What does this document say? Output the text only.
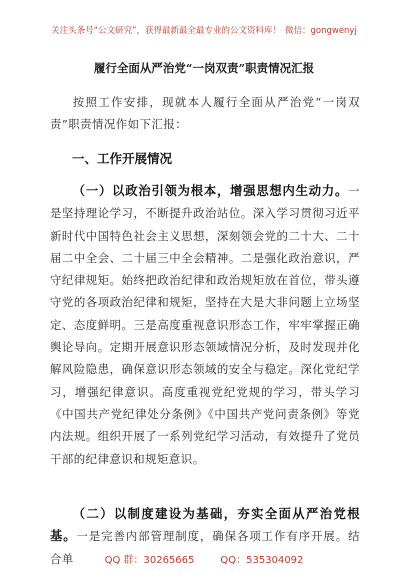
关注头条号“公文研究”，获得最新最全最专业的公文资料库！ 微信：gongwenyj
履行全面从严治党“一岗双责”职责情况汇报
按照工作安排，现就本人履行全面从严治党“一岗双责”职责情况作如下汇报：
一、工作开展情况
（一）以政治引领为根本，增强思想内生动力。一是坚持理论学习，不断提升政治站位。深入学习贯彻习近平新时代中国特色社会主义思想，深刻领会党的二十大、二十届二中全会、二十届三中全会精神。二是强化政治意识，严守纪律规矩。始终把政治纪律和政治规矩放在首位，带头遵守党的各项政治纪律和规矩，坚持在大是大非问题上立场坚定、态度鲜明。三是高度重视意识形态工作，牢牢掌握正确舆论导向。定期开展意识形态领域情况分析，及时发现并化解风险隐患，确保意识形态领域的安全与稳定。深化党纪学习，增强纪律意识。高度重视党纪党规的学习，带头学习《中国共产党纪律处分条例》《中国共产党问责条例》等党内法规。组织开展了一系列党纪学习活动，有效提升了党员干部的纪律意识和规矩意识。
（二）以制度建设为基础，夯实全面从严治党根基。一是完善内部管理制度，确保各项工作有序开展。结合单	QQ 群：30265665	QQ：535304092
